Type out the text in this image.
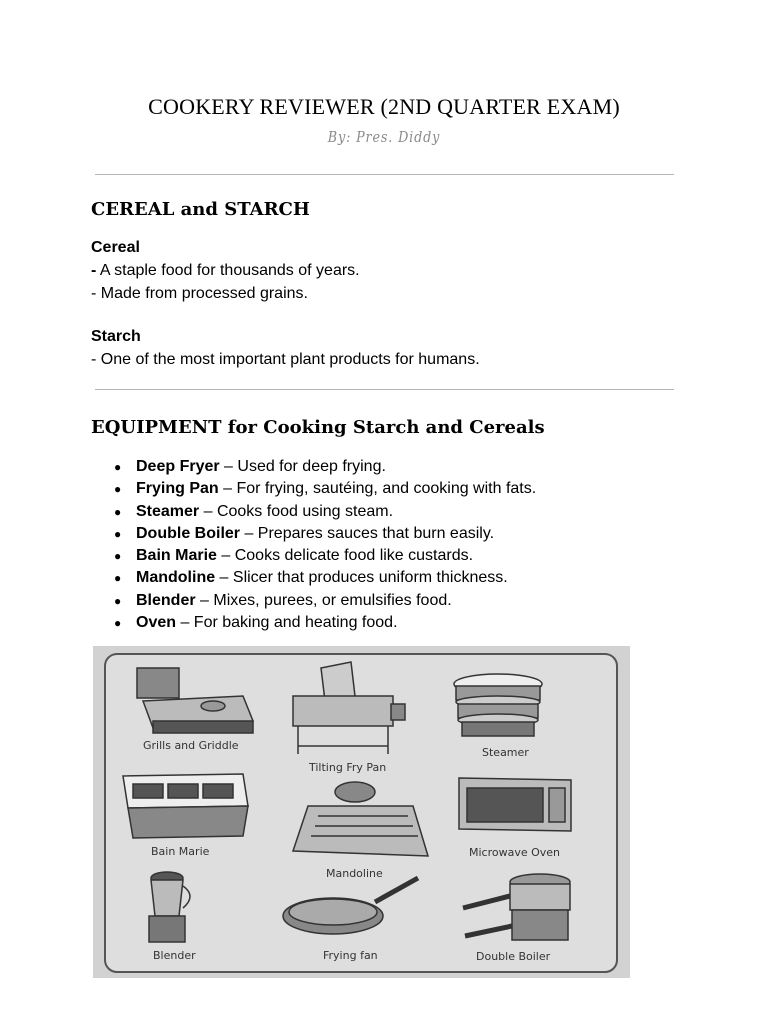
COOKERY REVIEWER (2ND QUARTER EXAM)
By: Pres. Diddy
CEREAL and STARCH
Cereal
- A staple food for thousands of years.
- Made from processed grains.
Starch
- One of the most important plant products for humans.
EQUIPMENT for Cooking Starch and Cereals
● Deep Fryer – Used for deep frying.
● Frying Pan – For frying, sautéing, and cooking with fats.
● Steamer – Cooks food using steam.
● Double Boiler – Prepares sauces that burn easily.
● Bain Marie – Cooks delicate food like custards.
● Mandoline – Slicer that produces uniform thickness.
● Blender – Mixes, purees, or emulsifies food.
● Oven – For baking and heating food.
Grills and Griddle
Tilting Fry Pan
Steamer
Bain Marie
Mandoline
Microwave Oven
Blender	Frying fan	Double Boiler
